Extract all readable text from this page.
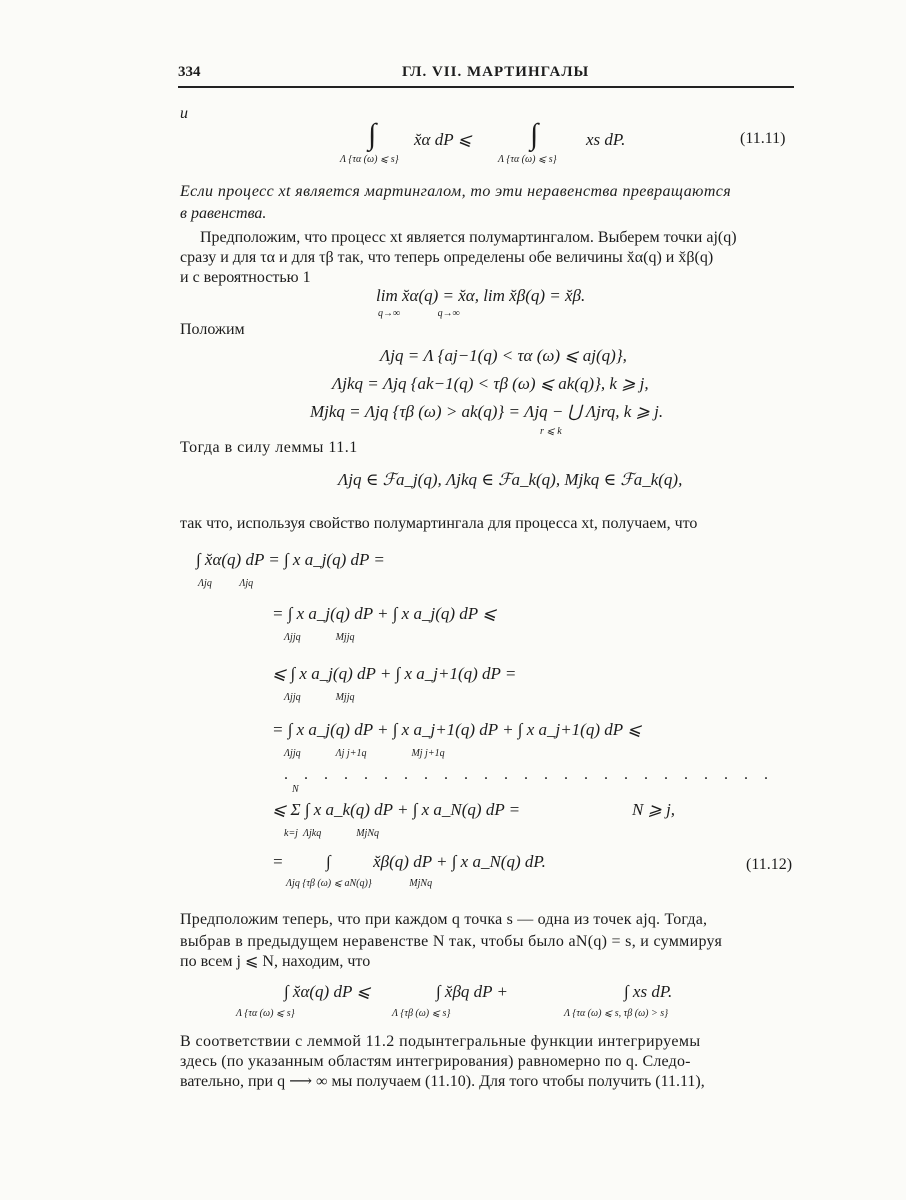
334	ГЛ. VII. МАРТИНГАЛЫ
и
∫
Λ {τα (ω) ⩽ s}
x̆α dP ⩽ ∫
Λ {τα (ω) ⩽ s}
xs dP.	(11.11)
Если процесс xt является мартингалом, то эти неравенства превращаются
в равенства.
Предположим, что процесс xt является полумартингалом. Выберем точки aj(q)
сразу и для τα и для τβ так, что теперь определены обе величины x̆α(q) и x̆β(q)
и с вероятностью 1
lim x̆α(q) = x̆α, lim x̆β(q) = x̆β.
q→∞               q→∞
Положим
Λjq = Λ {aj−1(q) < τα (ω) ⩽ aj(q)},
Λjkq = Λjq {ak−1(q) < τβ (ω) ⩽ ak(q)}, k ⩾ j,
Mjkq = Λjq {τβ (ω) > ak(q)} = Λjq − ⋃ Λjrq, k ⩾ j.
r ⩽ k
Тогда в силу леммы 11.1
Λjq ∈ ℱa_j(q), Λjkq ∈ ℱa_k(q), Mjkq ∈ ℱa_k(q),
так что, используя свойство полумартингала для процесса xt, получаем, что
∫ x̆α(q) dP = ∫ x a_j(q) dP =
Λjq           Λjq
= ∫ x a_j(q) dP + ∫ x a_j(q) dP ⩽
Λjjq              Mjjq
⩽ ∫ x a_j(q) dP + ∫ x a_j+1(q) dP =
Λjjq              Mjjq
= ∫ x a_j(q) dP + ∫ x a_j+1(q) dP + ∫ x a_j+1(q) dP ⩽
Λjjq              Λj j+1q                  Mj j+1q
. . . . . . . . . . . . . . . . . . . . . . . . .
N
⩽ Σ ∫ x a_k(q) dP + ∫ x a_N(q) dP =
k=j  Λjkq              MjNq
N ⩾ j,
=          ∫          x̆β(q) dP + ∫ x a_N(q) dP.
Λjq {τβ (ω) ⩽ aN(q)}               MjNq
(11.12)
Предположим теперь, что при каждом q точка s — одна из точек ajq. Тогда,
выбрав в предыдущем неравенстве N так, чтобы было aN(q) = s, и суммируя
по всем j ⩽ N, находим, что
∫ x̆α(q) dP ⩽
Λ {τα (ω) ⩽ s}
∫ x̆βq dP +
Λ {τβ (ω) ⩽ s}
∫ xs dP.
Λ {τα (ω) ⩽ s, τβ (ω) > s}
В соответствии с леммой 11.2 подынтегральные функции интегрируемы
здесь (по указанным областям интегрирования) равномерно по q. Следо-
вательно, при q ⟶ ∞ мы получаем (11.10). Для того чтобы получить (11.11),
